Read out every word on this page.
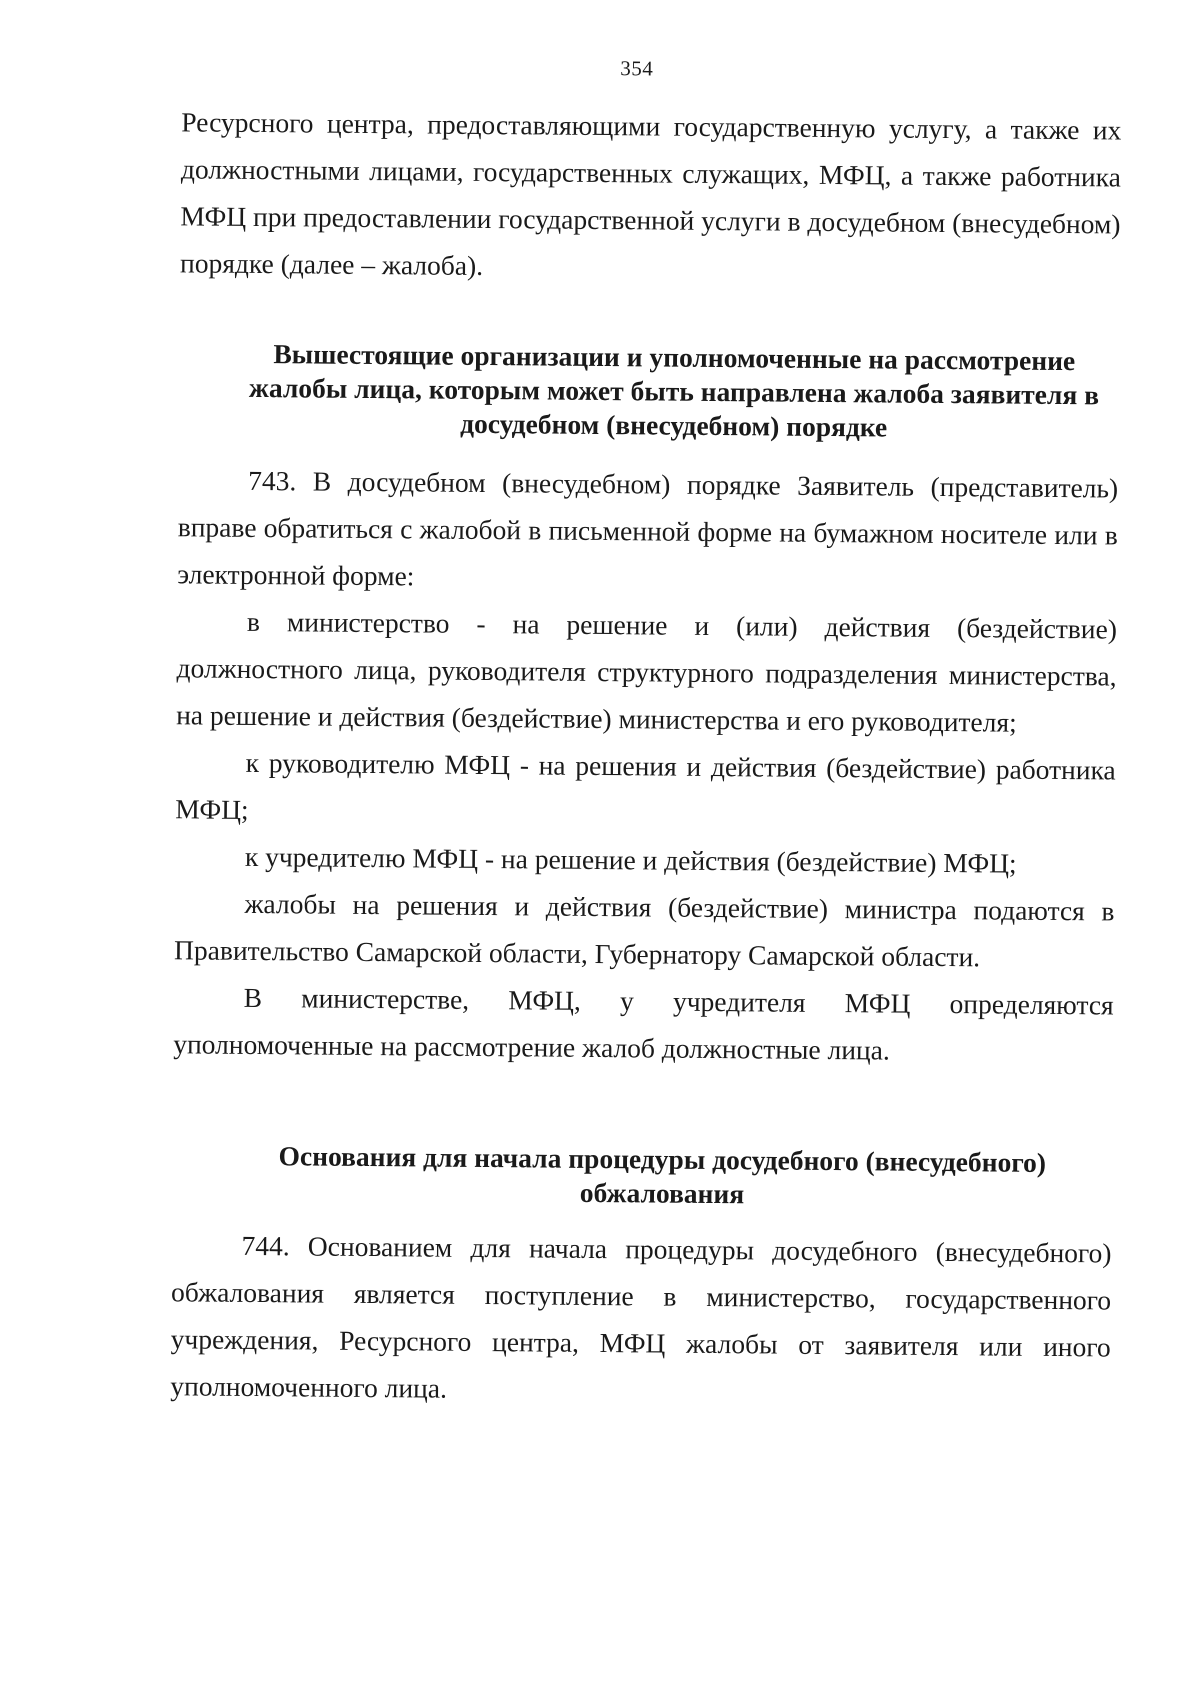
354

Ресурсного центра, предоставляющими государственную услугу, а также их должностными лицами, государственных служащих, МФЦ, а также работника МФЦ при предоставлении государственной услуги в досудебном (внесудебном) порядке (далее – жалоба).

Вышестоящие организации и уполномоченные на рассмотрение
жалобы лица, которым может быть направлена жалоба заявителя в
досудебном (внесудебном) порядке

743. В досудебном (внесудебном) порядке Заявитель (представитель) вправе обратиться с жалобой в письменной форме на бумажном носителе или в электронной форме:

в министерство - на решение и (или) действия (бездействие) должностного лица, руководителя структурного подразделения министерства, на решение и действия (бездействие) министерства и его руководителя;

к руководителю МФЦ - на решения и действия (бездействие) работника МФЦ;

к учредителю МФЦ - на решение и действия (бездействие) МФЦ;

жалобы на решения и действия (бездействие) министра подаются в Правительство Самарской области, Губернатору Самарской области.

В министерстве, МФЦ, у учредителя МФЦ определяются уполномоченные на рассмотрение жалоб должностные лица.

Основания для начала процедуры досудебного (внесудебного)
обжалования

744. Основанием для начала процедуры досудебного (внесудебного) обжалования является поступление в министерство, государственного учреждения, Ресурсного центра, МФЦ жалобы от заявителя или иного уполномоченного лица.
